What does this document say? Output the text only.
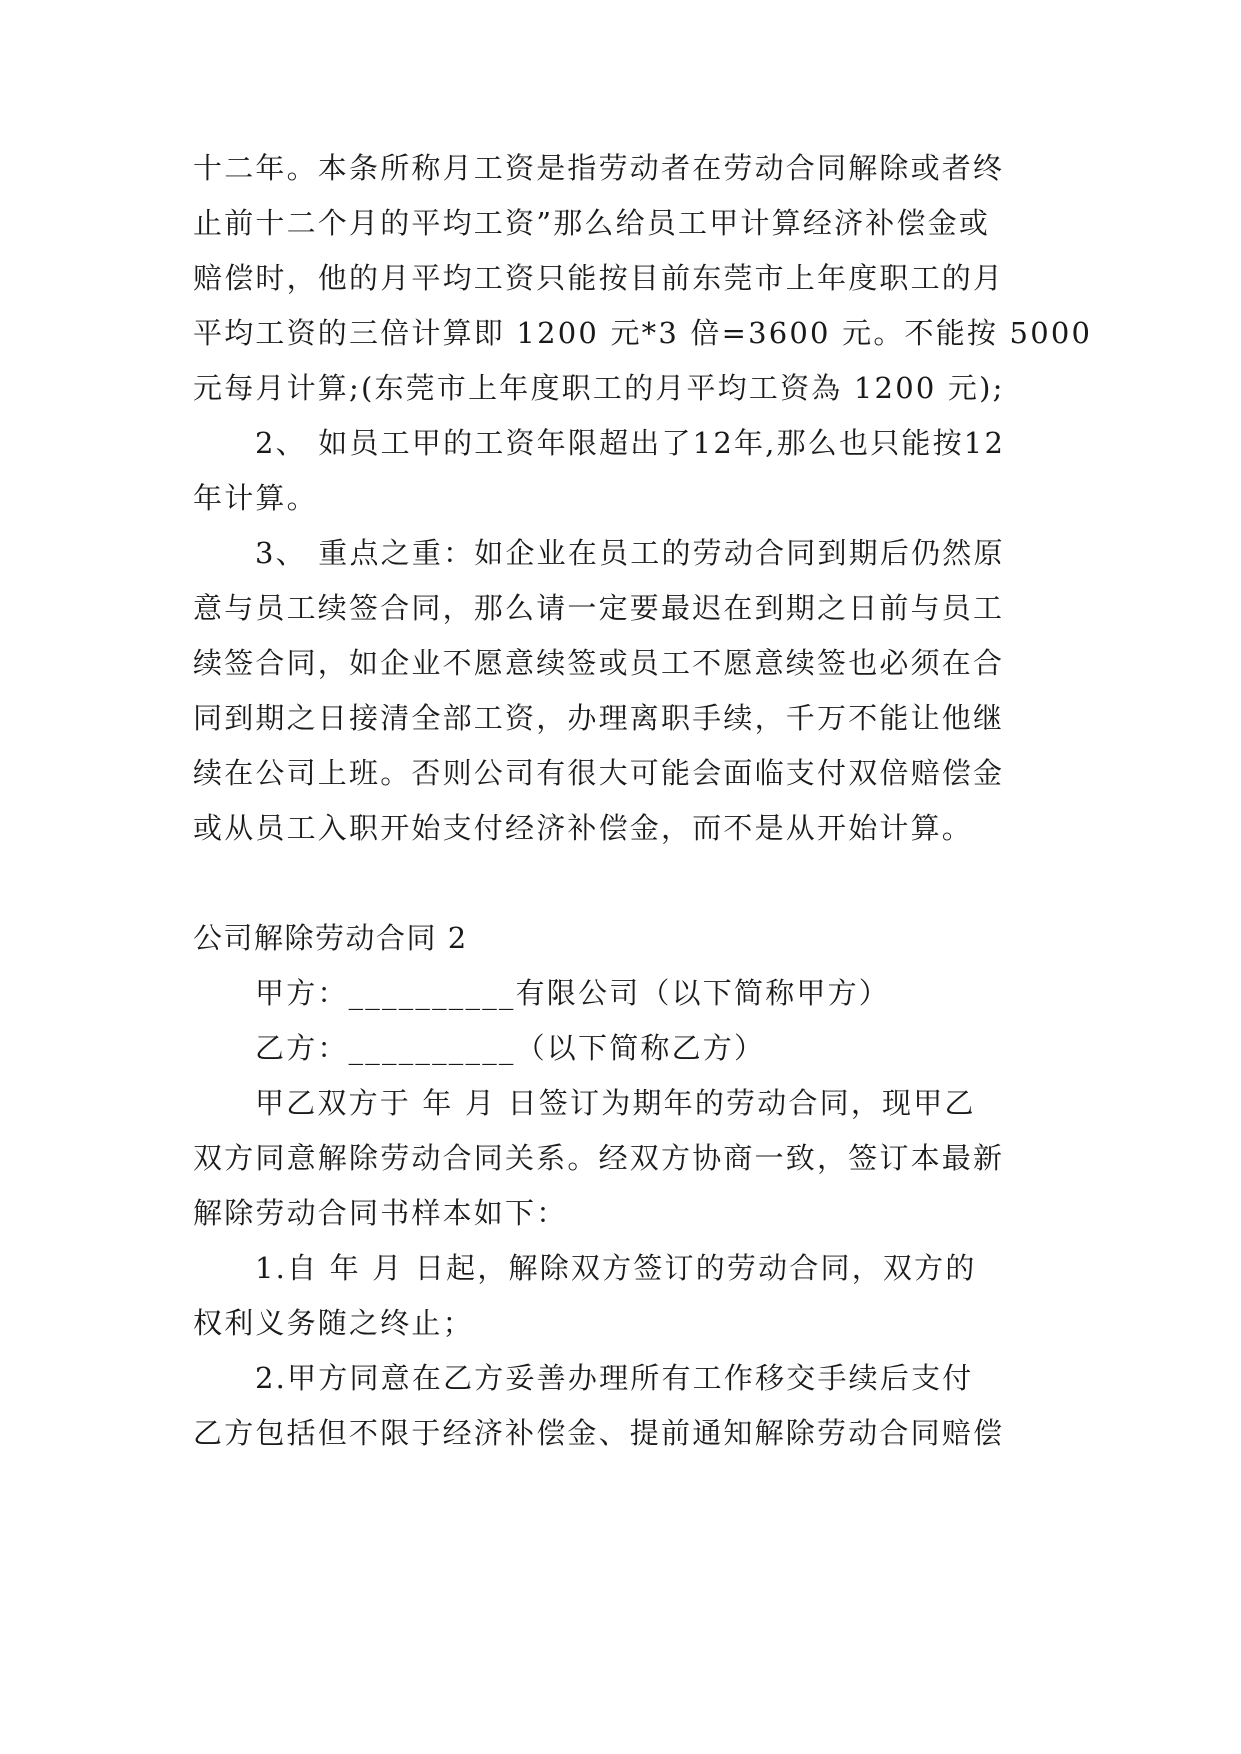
十二年。本条所称月工资是指劳动者在劳动合同解除或者终
止前十二个月的平均工资”那么给员工甲计算经济补偿金或
赔偿时，他的月平均工资只能按目前东莞市上年度职工的月
平均工资的三倍计算即 1200 元*3 倍=3600 元。不能按 5000
元每月计算;(东莞市上年度职工的月平均工资為 1200 元);
2、 如员工甲的工资年限超出了12年,那么也只能按12
年计算。
3、 重点之重：如企业在员工的劳动合同到期后仍然原
意与员工续签合同，那么请一定要最迟在到期之日前与员工
续签合同，如企业不愿意续签或员工不愿意续签也必须在合
同到期之日接清全部工资，办理离职手续，千万不能让他继
续在公司上班。否则公司有很大可能会面临支付双倍赔偿金
或从员工入职开始支付经济补偿金，而不是从开始计算。
公司解除劳动合同 2
甲方：__________有限公司（以下简称甲方）
乙方：__________（以下简称乙方）
甲乙双方于 年 月 日签订为期年的劳动合同，现甲乙
双方同意解除劳动合同关系。经双方协商一致，签订本最新
解除劳动合同书样本如下：
1.自 年 月 日起，解除双方签订的劳动合同，双方的
权利义务随之终止；
2.甲方同意在乙方妥善办理所有工作移交手续后支付
乙方包括但不限于经济补偿金、提前通知解除劳动合同赔偿
